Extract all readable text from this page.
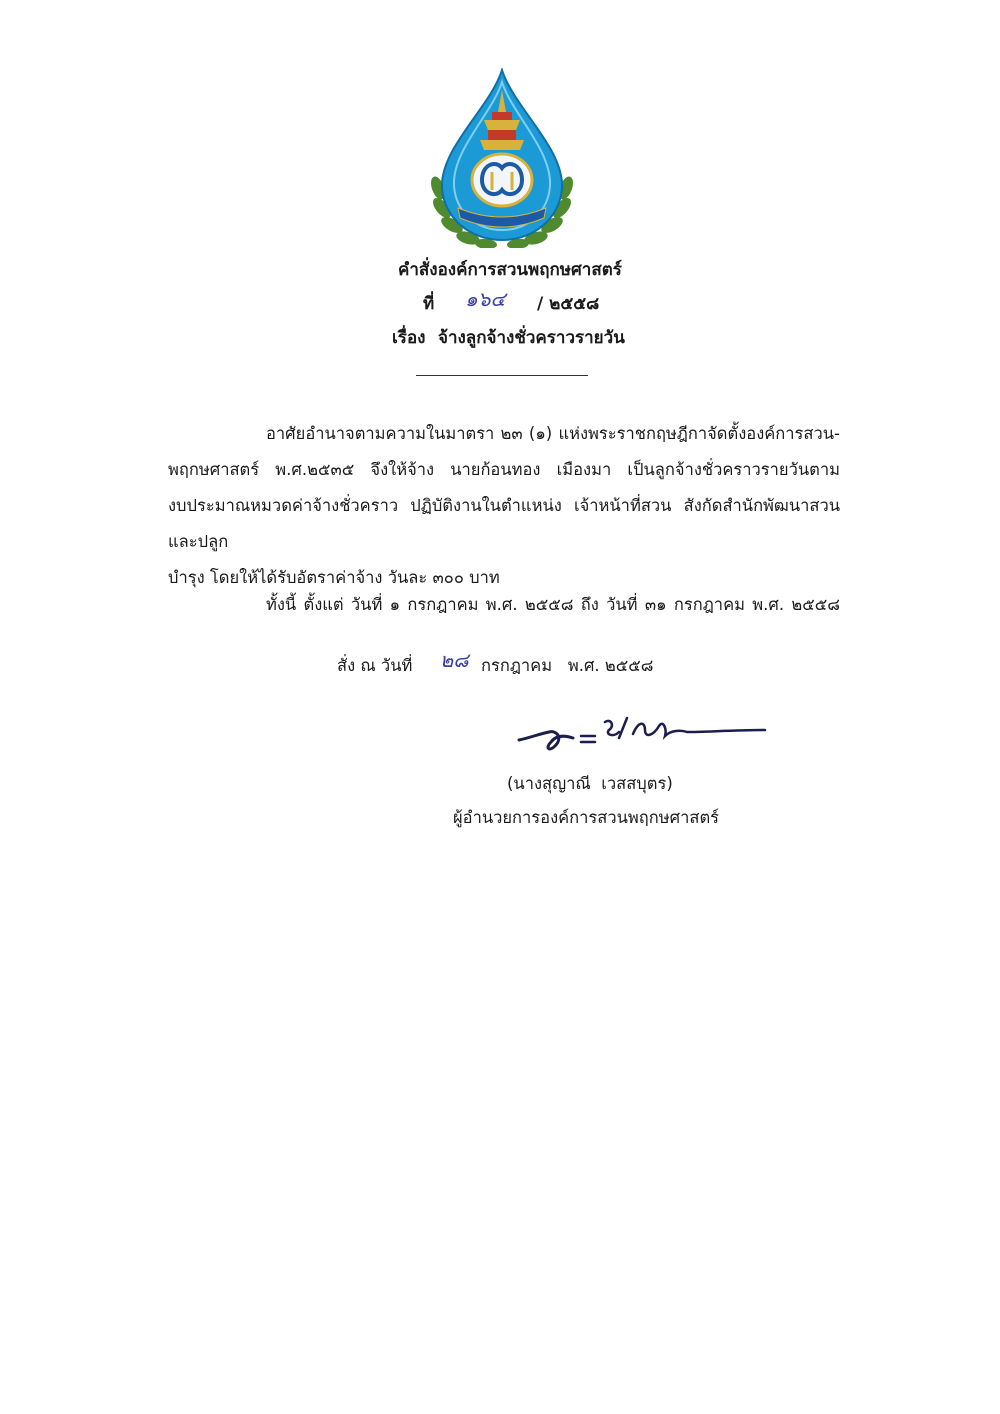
คำสั่งองค์การสวนพฤกษศาสตร์
ที่ ๑๖๔ / ๒๕๕๘
เรื่อง จ้างลูกจ้างชั่วคราวรายวัน
อาศัยอำนาจตามความในมาตรา ๒๓ (๑) แห่งพระราชกฤษฎีกาจัดตั้งองค์การสวน-
พฤกษศาสตร์ พ.ศ.๒๕๓๕ จึงให้จ้าง นายก้อนทอง เมืองมา เป็นลูกจ้างชั่วคราวรายวันตาม
งบประมาณหมวดค่าจ้างชั่วคราว ปฏิบัติงานในตำแหน่ง เจ้าหน้าที่สวน สังกัดสำนักพัฒนาสวนและปลูก
บำรุง โดยให้ได้รับอัตราค่าจ้าง วันละ ๓๐๐ บาท
ทั้งนี้ ตั้งแต่ วันที่ ๑ กรกฎาคม พ.ศ. ๒๕๕๘ ถึง วันที่ ๓๑ กรกฎาคม พ.ศ. ๒๕๕๘
สั่ง ณ วันที่ ๒๘ กรกฎาคม   พ.ศ. ๒๕๕๘
(นางสุญาณี  เวสสบุตร)
ผู้อำนวยการองค์การสวนพฤกษศาสตร์
